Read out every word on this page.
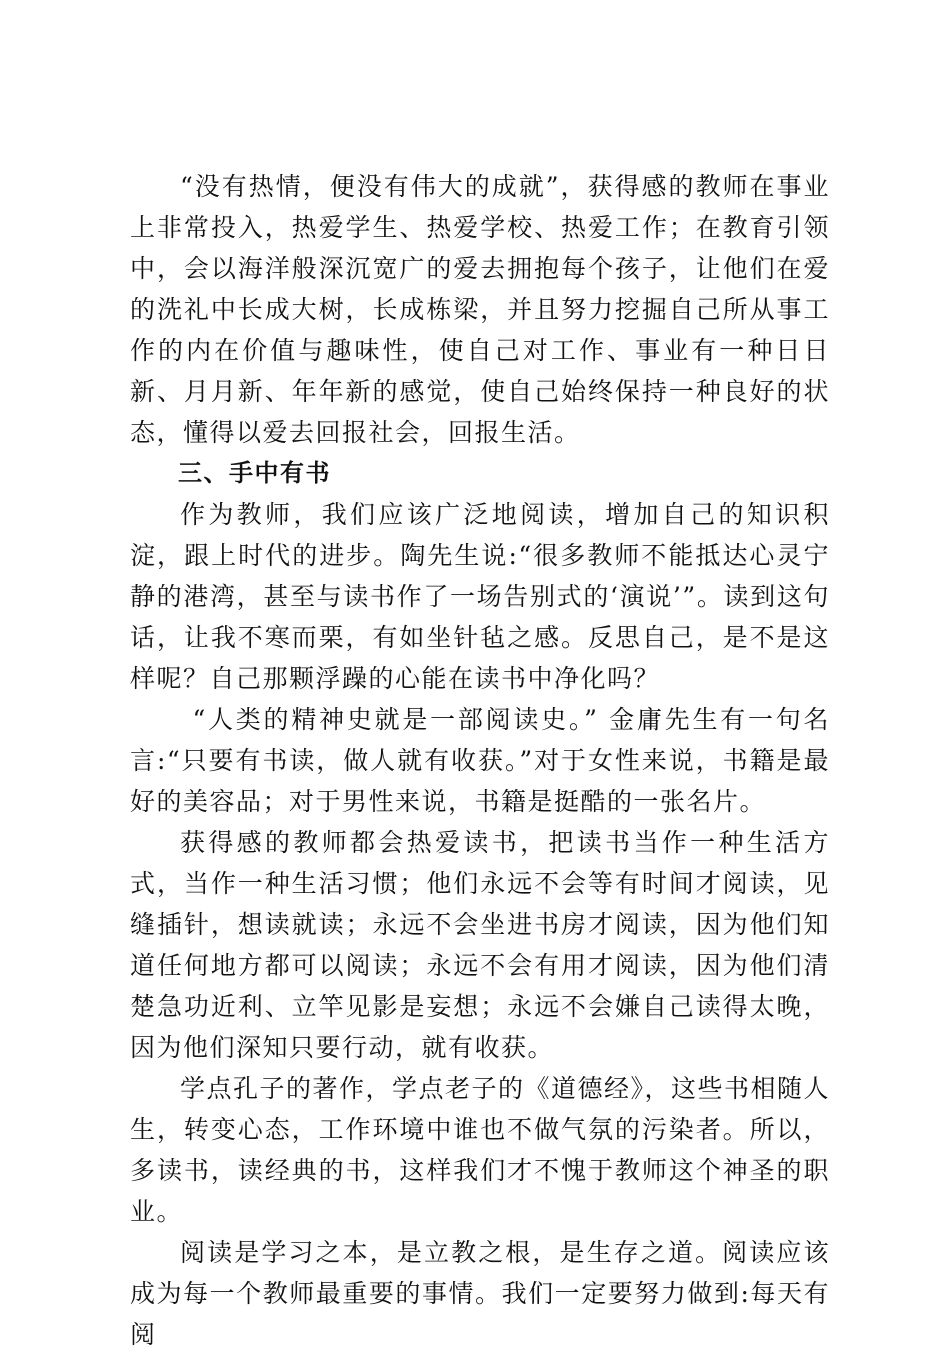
“没有热情，便没有伟大的成就”，获得感的教师在事业上非常投入，热爱学生、热爱学校、热爱工作；在教育引领中，会以海洋般深沉宽广的爱去拥抱每个孩子，让他们在爱的洗礼中长成大树，长成栋梁，并且努力挖掘自己所从事工作的内在价值与趣味性，使自己对工作、事业有一种日日新、月月新、年年新的感觉，使自己始终保持一种良好的状态，懂得以爱去回报社会，回报生活。

三、手中有书

作为教师，我们应该广泛地阅读，增加自己的知识积淀，跟上时代的进步。陶先生说:“很多教师不能抵达心灵宁静的港湾，甚至与读书作了一场告别式的‘演说’”。读到这句话，让我不寒而栗，有如坐针毡之感。反思自己，是不是这样呢？自己那颗浮躁的心能在读书中净化吗？

“人类的精神史就是一部阅读史。” 金庸先生有一句名言:“只要有书读，做人就有收获。”对于女性来说，书籍是最好的美容品；对于男性来说，书籍是挺酷的一张名片。

获得感的教师都会热爱读书，把读书当作一种生活方式，当作一种生活习惯；他们永远不会等有时间才阅读，见缝插针，想读就读；永远不会坐进书房才阅读，因为他们知道任何地方都可以阅读；永远不会有用才阅读，因为他们清楚急功近利、立竿见影是妄想；永远不会嫌自己读得太晚，因为他们深知只要行动，就有收获。

学点孔子的著作，学点老子的《道德经》，这些书相随人生，转变心态，工作环境中谁也不做气氛的污染者。所以，多读书，读经典的书，这样我们才不愧于教师这个神圣的职业。

阅读是学习之本，是立教之根，是生存之道。阅读应该成为每一个教师最重要的事情。我们一定要努力做到:每天有阅
